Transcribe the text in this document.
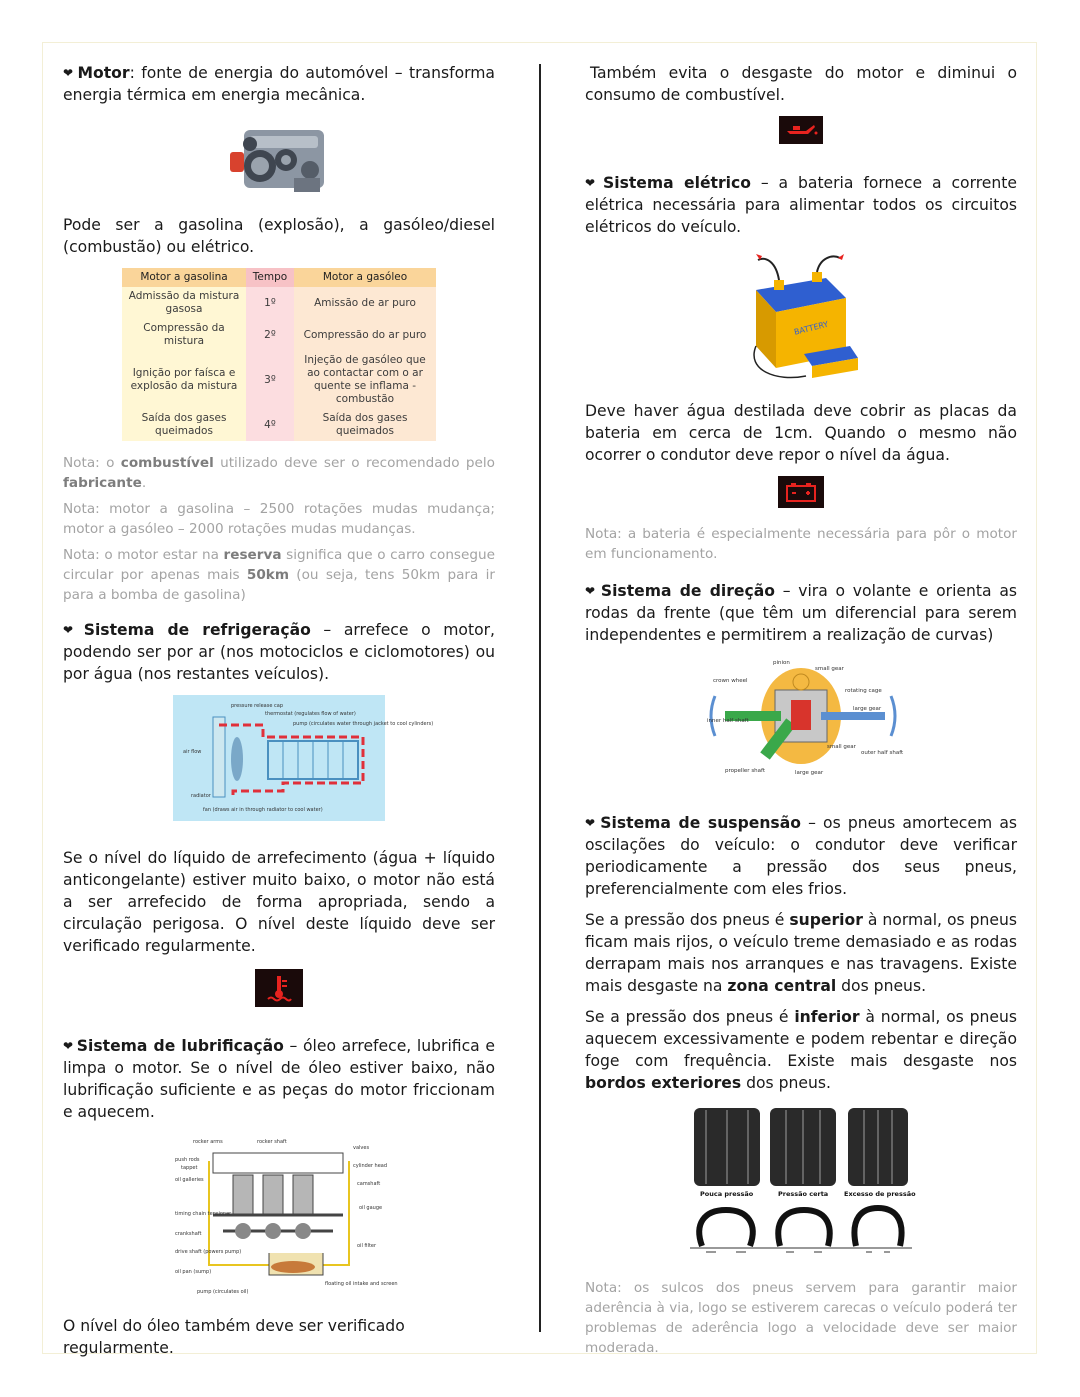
❤ Motor: fonte de energia do automóvel – transforma energia térmica em energia mecânica.

Pode ser a gasolina (explosão), a gasóleo/diesel (combustão) ou elétrico.

Motor a gasolina	Tempo	Motor a gasóleo
Admissão da mistura gasosa	1º	Amissão de ar puro
Compressão da mistura	2º	Compressão do ar puro
Ignição por faísca e explosão da mistura	3º	Injeção de gasóleo que ao contactar com o ar quente se inflama - combustão
Saída dos gases queimados	4º	Saída dos gases queimados

Nota: o combustível utilizado deve ser o recomendado pelo fabricante.

Nota: motor a gasolina – 2500 rotações mudas mudança; motor a gasóleo – 2000 rotações mudas mudanças.

Nota: o motor estar na reserva significa que o carro consegue circular por apenas mais 50km (ou seja, tens 50km para ir para a bomba de gasolina)

❤ Sistema de refrigeração – arrefece o motor, podendo ser por ar (nos motociclos e ciclomotores) ou por água (nos restantes veículos).

pressure release cap
thermostat (regulates flow of water)
pump (circulates water through jacket to cool cylinders)
air flow
radiator
fan (draws air in through radiator to cool water)

Se o nível do líquido de arrefecimento (água + líquido anticongelante) estiver muito baixo, o motor não está a ser arrefecido de forma apropriada, sendo a circulação perigosa. O nível deste líquido deve ser verificado regularmente.

❤ Sistema de lubrificação – óleo arrefece, lubrifica e limpa o motor. Se o nível de óleo estiver baixo, não lubrificação suficiente e as peças do motor friccionam e aquecem.

rocker arms	rocker shaft
valves
push rods
tappet	cylinder head
oil galleries
camshaft
oil gauge
timing chain tensioner
crankshaft
oil filter
drive shaft (powers pump)
oil pan (sump)
floating oil intake and screen
pump (circulates oil)

O nível do óleo também deve ser verificado regularmente.

Também evita o desgaste do motor e diminui o consumo de combustível.

❤ Sistema elétrico – a bateria fornece a corrente elétrica necessária para alimentar todos os circuitos elétricos do veículo.

BATTERY

Deve haver água destilada deve cobrir as placas da bateria em cerca de 1cm. Quando o mesmo não ocorrer o condutor deve repor o nível da água.

Nota: a bateria é especialmente necessária para pôr o motor em funcionamento.

❤ Sistema de direção – vira o volante e orienta as rodas da frente (que têm um diferencial para serem independentes e permitirem a realização de curvas)

pinion
small gear
crown wheel
rotating cage
large gear
inner half shaft
small gear
outer half shaft
propeller shaft	large gear

❤ Sistema de suspensão – os pneus amortecem as oscilações do veículo: o condutor deve verificar periodicamente a pressão dos seus pneus, preferencialmente com eles frios.

Se a pressão dos pneus é superior à normal, os pneus ficam mais rijos, o veículo treme demasiado e as rodas derrapam mais nos arranques e nas travagens. Existe mais desgaste na zona central dos pneus.

Se a pressão dos pneus é inferior à normal, os pneus aquecem excessivamente e podem rebentar e direção foge com frequência. Existe mais desgaste nos bordos exteriores dos pneus.

Pouca pressão	Pressão certa Excesso de pressão

Nota: os sulcos dos pneus servem para garantir maior aderência à via, logo se estiverem carecas o veículo poderá ter problemas de aderência logo a velocidade deve ser maior moderada.
